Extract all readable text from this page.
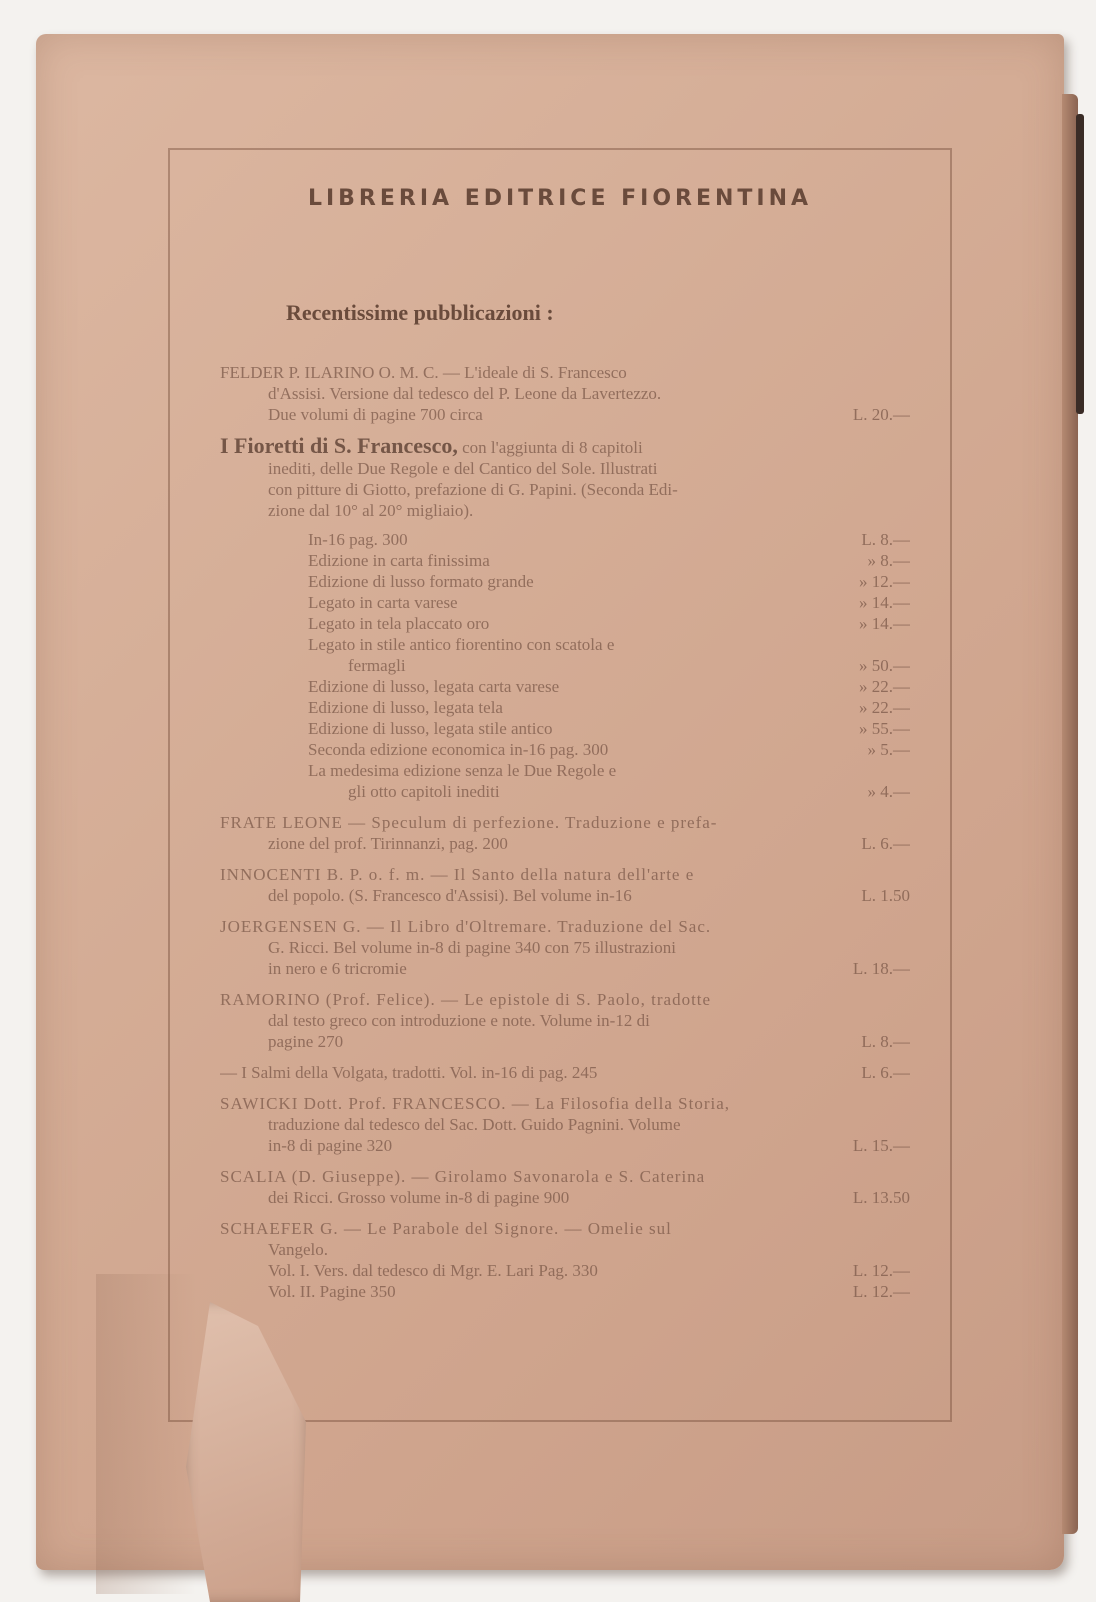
LIBRERIA EDITRICE FIORENTINA
Recentissime pubblicazioni :
FELDER P. ILARINO O. M. C. — L'ideale di S. Francesco
d'Assisi. Versione dal tedesco del P. Leone da Lavertezzo.
Due volumi di pagine 700 circa	L. 20.—
I Fioretti di S. Francesco, con l'aggiunta di 8 capitoli
inediti, delle Due Regole e del Cantico del Sole. Illustrati
con pitture di Giotto, prefazione di G. Papini. (Seconda Edi-
zione dal 10° al 20° migliaio).
In-16 pag. 300	L. 8.—
Edizione in carta finissima	» 8.—
Edizione di lusso formato grande	» 12.—
Legato in carta varese	» 14.—
Legato in tela placcato oro	» 14.—
Legato in stile antico fiorentino con scatola e
fermagli	» 50.—
Edizione di lusso, legata carta varese	» 22.—
Edizione di lusso, legata tela	» 22.—
Edizione di lusso, legata stile antico	» 55.—
Seconda edizione economica in-16 pag. 300	» 5.—
La medesima edizione senza le Due Regole e
gli otto capitoli inediti	» 4.—
FRATE LEONE — Speculum di perfezione. Traduzione e prefa-
zione del prof. Tirinnanzi, pag. 200	L. 6.—
INNOCENTI B. P. o. f. m. — Il Santo della natura dell'arte e
del popolo. (S. Francesco d'Assisi). Bel volume in-16	L. 1.50
JOERGENSEN G. — Il Libro d'Oltremare. Traduzione del Sac.
G. Ricci. Bel volume in-8 di pagine 340 con 75 illustrazioni
in nero e 6 tricromie	L. 18.—
RAMORINO (Prof. Felice). — Le epistole di S. Paolo, tradotte
dal testo greco con introduzione e note. Volume in-12 di
pagine 270	L. 8.—
— I Salmi della Volgata, tradotti. Vol. in-16 di pag. 245	L. 6.—
SAWICKI Dott. Prof. FRANCESCO. — La Filosofia della Storia,
traduzione dal tedesco del Sac. Dott. Guido Pagnini. Volume
in-8 di pagine 320	L. 15.—
SCALIA (D. Giuseppe). — Girolamo Savonarola e S. Caterina
dei Ricci. Grosso volume in-8 di pagine 900	L. 13.50
SCHAEFER G. — Le Parabole del Signore. — Omelie sul
Vangelo.
Vol. I. Vers. dal tedesco di Mgr. E. Lari Pag. 330	L. 12.—
Vol. II. Pagine 350	L. 12.—
